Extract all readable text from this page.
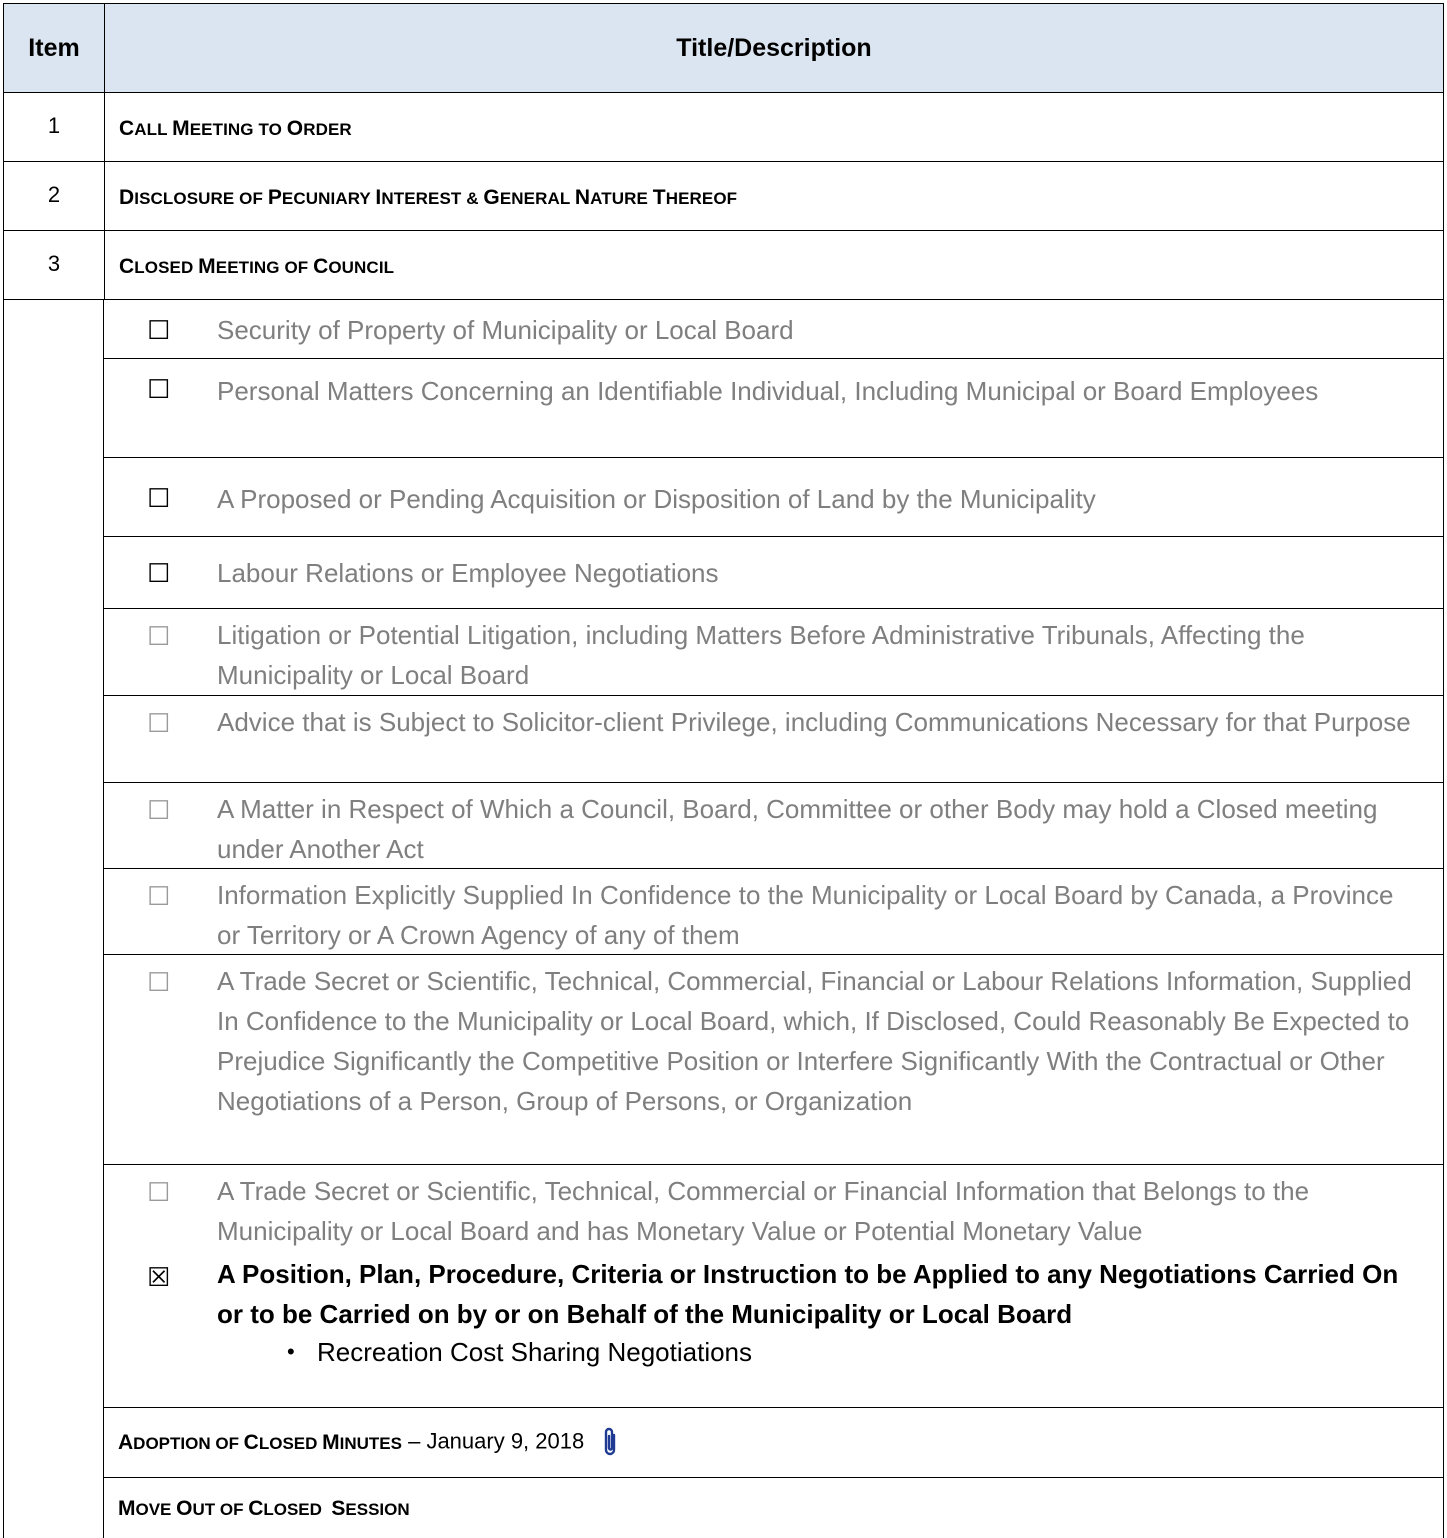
Item	Title/Description
1	CALL MEETING TO ORDER
2	DISCLOSURE OF PECUNIARY INTEREST & GENERAL NATURE THEREOF
3	CLOSED MEETING OF COUNCIL
☐ Security of Property of Municipality or Local Board
☐ Personal Matters Concerning an Identifiable Individual, Including Municipal or Board Employees
☐ A Proposed or Pending Acquisition or Disposition of Land by the Municipality
☐ Labour Relations or Employee Negotiations
☐ Litigation or Potential Litigation, including Matters Before Administrative Tribunals, Affecting the Municipality or Local Board
☐ Advice that is Subject to Solicitor-client Privilege, including Communications Necessary for that Purpose
☐ A Matter in Respect of Which a Council, Board, Committee or other Body may hold a Closed meeting under Another Act
☐ Information Explicitly Supplied In Confidence to the Municipality or Local Board by Canada, a Province or Territory or A Crown Agency of any of them
☐ A Trade Secret or Scientific, Technical, Commercial, Financial or Labour Relations Information, Supplied In Confidence to the Municipality or Local Board, which, If Disclosed, Could Reasonably Be Expected to Prejudice Significantly the Competitive Position or Interfere Significantly With the Contractual or Other Negotiations of a Person, Group of Persons, or Organization
☐ A Trade Secret or Scientific, Technical, Commercial or Financial Information that Belongs to the Municipality or Local Board and has Monetary Value or Potential Monetary Value
☒ A Position, Plan, Procedure, Criteria or Instruction to be Applied to any Negotiations Carried On or to be Carried on by or on Behalf of the Municipality or Local Board
• Recreation Cost Sharing Negotiations
ADOPTION OF CLOSED MINUTES – January 9, 2018
MOVE OUT OF CLOSED  SESSION
